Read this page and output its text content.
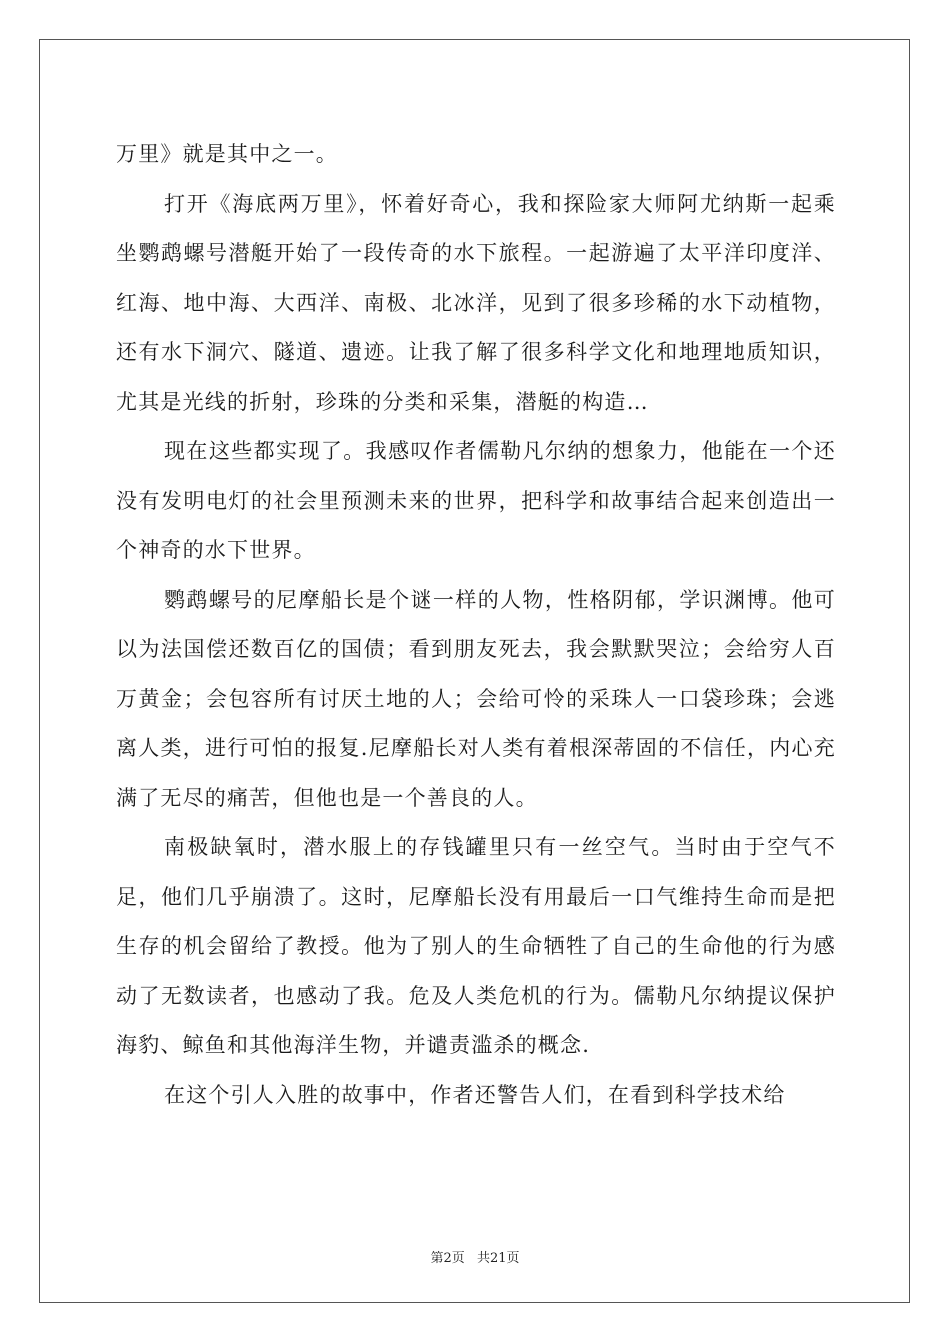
万里》就是其中之一。

打开《海底两万里》，怀着好奇心，我和探险家大师阿尤纳斯一起乘坐鹦鹉螺号潜艇开始了一段传奇的水下旅程。一起游遍了太平洋印度洋、红海、地中海、大西洋、南极、北冰洋，见到了很多珍稀的水下动植物，还有水下洞穴、隧道、遗迹。让我了解了很多科学文化和地理地质知识，尤其是光线的折射，珍珠的分类和采集，潜艇的构造…

现在这些都实现了。我感叹作者儒勒凡尔纳的想象力，他能在一个还没有发明电灯的社会里预测未来的世界，把科学和故事结合起来创造出一个神奇的水下世界。

鹦鹉螺号的尼摩船长是个谜一样的人物，性格阴郁，学识渊博。他可以为法国偿还数百亿的国债；看到朋友死去，我会默默哭泣；会给穷人百万黄金；会包容所有讨厌土地的人；会给可怜的采珠人一口袋珍珠；会逃离人类，进行可怕的报复.尼摩船长对人类有着根深蒂固的不信任，内心充满了无尽的痛苦，但他也是一个善良的人。

南极缺氧时，潜水服上的存钱罐里只有一丝空气。当时由于空气不足，他们几乎崩溃了。这时，尼摩船长没有用最后一口气维持生命而是把生存的机会留给了教授。他为了别人的生命牺牲了自己的生命他的行为感动了无数读者，也感动了我。危及人类危机的行为。儒勒凡尔纳提议保护海豹、鲸鱼和其他海洋生物，并谴责滥杀的概念.

在这个引人入胜的故事中，作者还警告人们，在看到科学技术给

第2页 共21页
